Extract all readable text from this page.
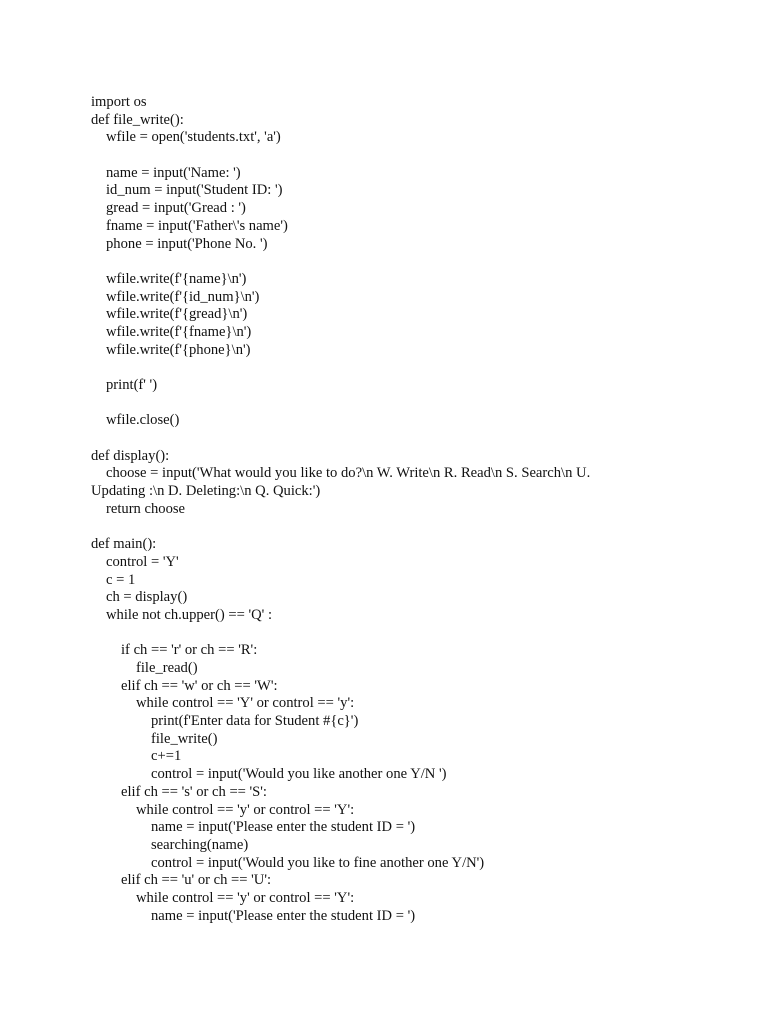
import os
def file_write():
wfile = open('students.txt', 'a')
name = input('Name: ')
id_num = input('Student ID: ')
gread = input('Gread : ')
fname = input('Father\'s name')
phone = input('Phone No. ')
wfile.write(f'{name}\n')
wfile.write(f'{id_num}\n')
wfile.write(f'{gread}\n')
wfile.write(f'{fname}\n')
wfile.write(f'{phone}\n')
print(f' ')
wfile.close()
def display():
choose = input('What would you like to do?\n W. Write\n R. Read\n S. Search\n U.
Updating :\n D. Deleting:\n Q. Quick:')
return choose
def main():
control = 'Y'
c = 1
ch = display()
while not ch.upper() == 'Q' :
if ch == 'r' or ch == 'R':
file_read()
elif ch == 'w' or ch == 'W':
while control == 'Y' or control == 'y':
print(f'Enter data for Student #{c}')
file_write()
c+=1
control = input('Would you like another one Y/N ')
elif ch == 's' or ch == 'S':
while control == 'y' or control == 'Y':
name = input('Please enter the student ID = ')
searching(name)
control = input('Would you like to fine another one Y/N')
elif ch == 'u' or ch == 'U':
while control == 'y' or control == 'Y':
name = input('Please enter the student ID = ')
